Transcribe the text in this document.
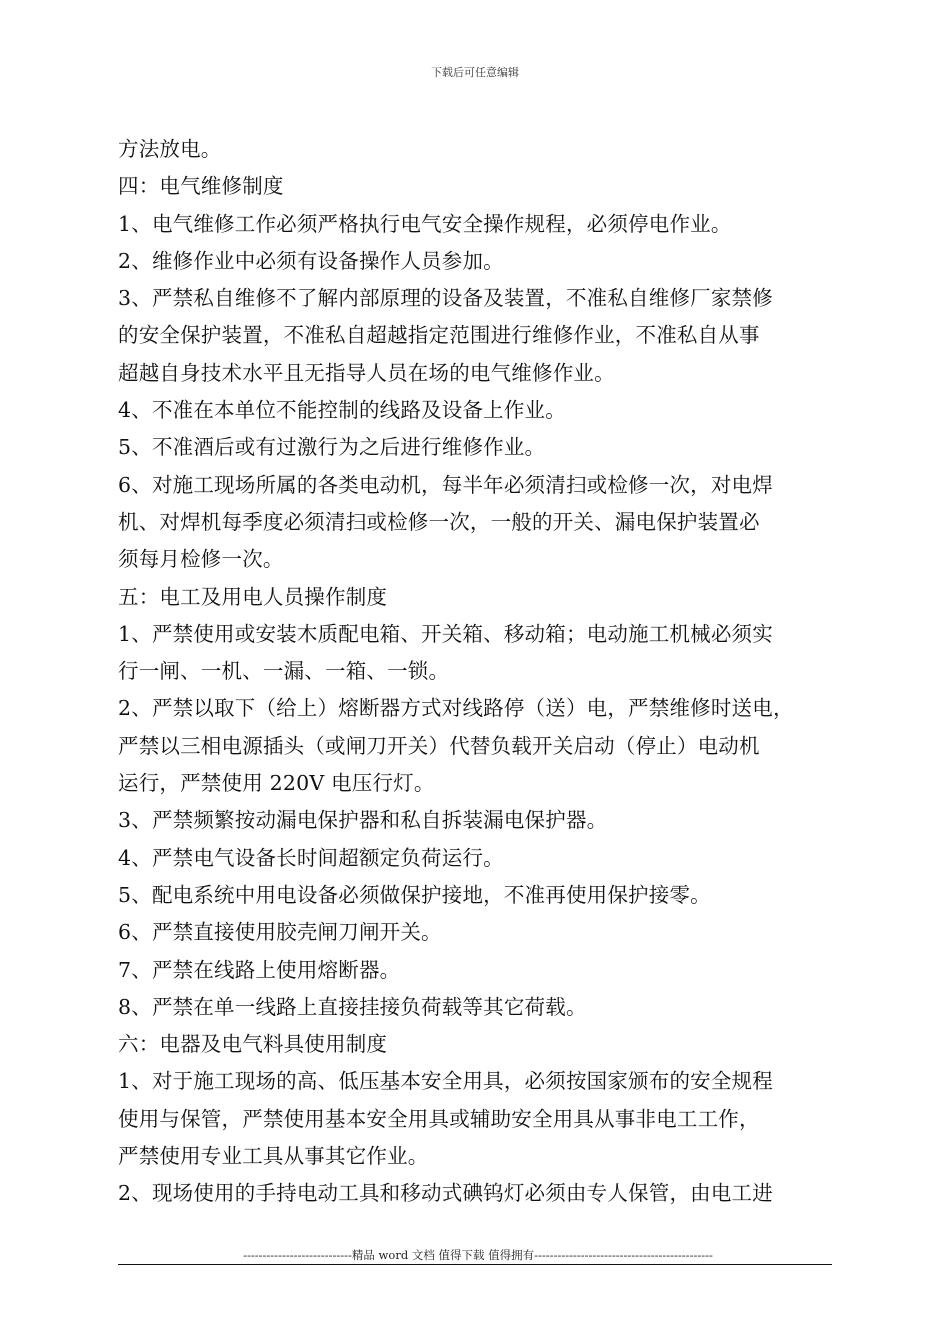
下载后可任意编辑
方法放电。
四：电气维修制度
1、电气维修工作必须严格执行电气安全操作规程，必须停电作业。
2、维修作业中必须有设备操作人员参加。
3、严禁私自维修不了解内部原理的设备及装置，不准私自维修厂家禁修
的安全保护装置，不准私自超越指定范围进行维修作业，不准私自从事
超越自身技术水平且无指导人员在场的电气维修作业。
4、不准在本单位不能控制的线路及设备上作业。
5、不准酒后或有过激行为之后进行维修作业。
6、对施工现场所属的各类电动机，每半年必须清扫或检修一次，对电焊
机、对焊机每季度必须清扫或检修一次，一般的开关、漏电保护装置必
须每月检修一次。
五：电工及用电人员操作制度
1、严禁使用或安装木质配电箱、开关箱、移动箱；电动施工机械必须实
行一闸、一机、一漏、一箱、一锁。
2、严禁以取下（给上）熔断器方式对线路停（送）电，严禁维修时送电，
严禁以三相电源插头（或闸刀开关）代替负载开关启动（停止）电动机
运行，严禁使用 220V 电压行灯。
3、严禁频繁按动漏电保护器和私自拆装漏电保护器。
4、严禁电气设备长时间超额定负荷运行。
5、配电系统中用电设备必须做保护接地，不准再使用保护接零。
6、严禁直接使用胶壳闸刀闸开关。
7、严禁在线路上使用熔断器。
8、严禁在单一线路上直接挂接负荷载等其它荷载。
六：电器及电气料具使用制度
1、对于施工现场的高、低压基本安全用具，必须按国家颁布的安全规程
使用与保管，严禁使用基本安全用具或辅助安全用具从事非电工工作，
严禁使用专业工具从事其它作业。
2、现场使用的手持电动工具和移动式碘钨灯必须由专人保管，由电工进
----------------------------精品 word 文档 值得下载 值得拥有----------------------------------------------
